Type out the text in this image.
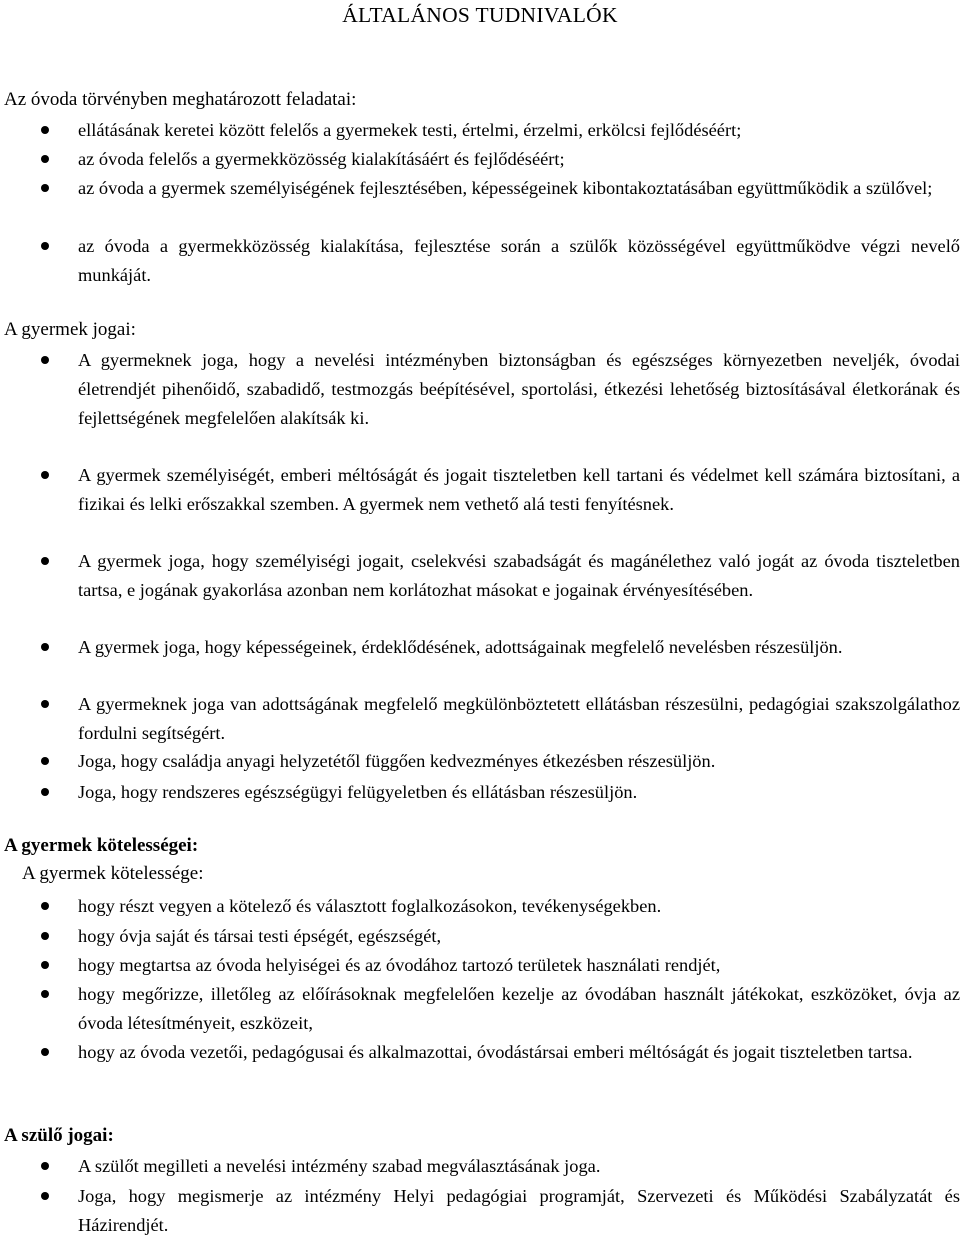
ÁLTALÁNOS TUDNIVALÓK
Az óvoda törvényben meghatározott feladatai:
ellátásának keretei között felelős a gyermekek testi, értelmi, érzelmi, erkölcsi fejlődéséért;
az óvoda felelős a gyermekközösség kialakításáért és fejlődéséért;
az óvoda a gyermek személyiségének fejlesztésében, képességeinek kibontakoztatásában együttműködik a szülővel;
az óvoda a gyermekközösség kialakítása, fejlesztése során a szülők közösségével együttműködve végzi nevelő munkáját.
A gyermek jogai:
A gyermeknek joga, hogy a nevelési intézményben biztonságban és egészséges környezetben neveljék, óvodai életrendjét pihenőidő, szabadidő, testmozgás beépítésével, sportolási, étkezési lehetőség biztosításával életkorának és fejlettségének megfelelően alakítsák ki.
A gyermek személyiségét, emberi méltóságát és jogait tiszteletben kell tartani és védelmet kell számára biztosítani, a fizikai és lelki erőszakkal szemben. A gyermek nem vethető alá testi fenyítésnek.
A gyermek joga, hogy személyiségi jogait, cselekvési szabadságát és magánélethez való jogát az óvoda tiszteletben tartsa, e jogának gyakorlása azonban nem korlátozhat másokat e jogainak érvényesítésében.
A gyermek joga, hogy képességeinek, érdeklődésének, adottságainak megfelelő nevelésben részesüljön.
A gyermeknek joga van adottságának megfelelő megkülönböztetett ellátásban részesülni, pedagógiai szakszolgálathoz fordulni segítségért.
Joga, hogy családja anyagi helyzetétől függően kedvezményes étkezésben részesüljön.
Joga, hogy rendszeres egészségügyi felügyeletben és ellátásban részesüljön.
A gyermek kötelességei:
A gyermek kötelessége:
hogy részt vegyen a kötelező és választott foglalkozásokon, tevékenységekben.
hogy óvja saját és társai testi épségét, egészségét,
hogy megtartsa az óvoda helyiségei és az óvodához tartozó területek használati rendjét,
hogy megőrizze, illetőleg az előírásoknak megfelelően kezelje az óvodában használt játékokat, eszközöket, óvja az óvoda létesítményeit, eszközeit,
hogy az óvoda vezetői, pedagógusai és alkalmazottai, óvodástársai emberi méltóságát és jogait tiszteletben tartsa.
A szülő jogai:
A szülőt megilleti a nevelési intézmény szabad megválasztásának joga.
Joga, hogy megismerje az intézmény Helyi pedagógiai programját, Szervezeti és Működési Szabályzatát és Házirendjét.
